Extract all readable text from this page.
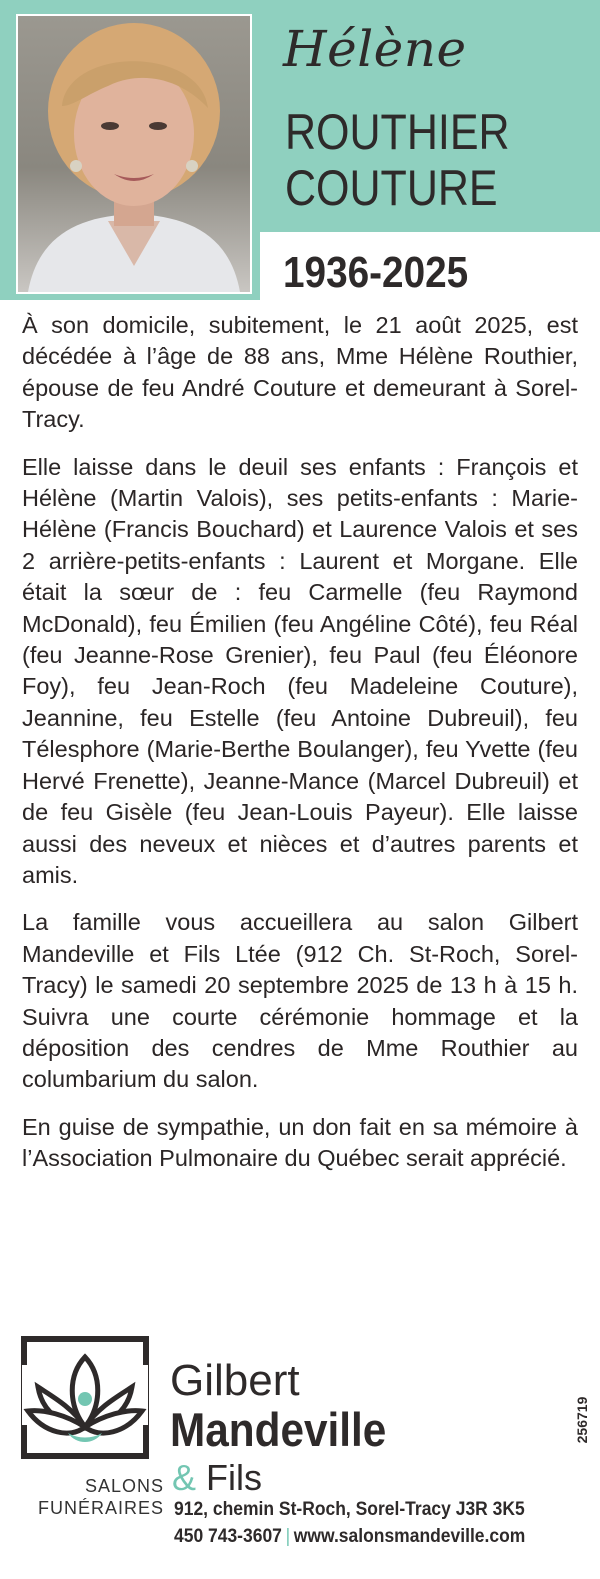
Hélène
ROUTHIER
COUTURE
1936-2025

À son domicile, subitement, le 21 août 2025, est décédée à l’âge de 88 ans, Mme Hélène Routhier, épouse de feu André Couture et demeurant à Sorel-Tracy.

Elle laisse dans le deuil ses enfants : François et Hélène (Martin Valois), ses petits-enfants : Marie-Hélène (Francis Bouchard) et Laurence Valois et ses 2 arrière-petits-enfants : Laurent et Morgane. Elle était la sœur de : feu Carmelle (feu Raymond McDonald), feu Émilien (feu Angéline Côté), feu Réal (feu Jeanne-Rose Grenier), feu Paul (feu Éléonore Foy), feu Jean-Roch (feu Madeleine Couture), Jeannine, feu Estelle (feu Antoine Dubreuil), feu Télesphore (Marie-Berthe Boulanger), feu Yvette (feu Hervé Frenette), Jeanne-Mance (Marcel Dubreuil) et de feu Gisèle (feu Jean-Louis Payeur). Elle laisse aussi des neveux et nièces et d’autres parents et amis.

La famille vous accueillera au salon Gilbert Mandeville et Fils Ltée (912 Ch. St-Roch, Sorel-Tracy) le samedi 20 septembre 2025 de 13 h à 15 h. Suivra une courte cérémonie hommage et la déposition des cendres de Mme Routhier au columbarium du salon.

En guise de sympathie, un don fait en sa mémoire à l’Association Pulmonaire du Québec serait apprécié.

SALONS
FUNÉRAIRES
Gilbert
Mandeville
& Fils
912, chemin St-Roch, Sorel-Tracy J3R 3K5
450 743-3607 | www.salonsmandeville.com
256719
